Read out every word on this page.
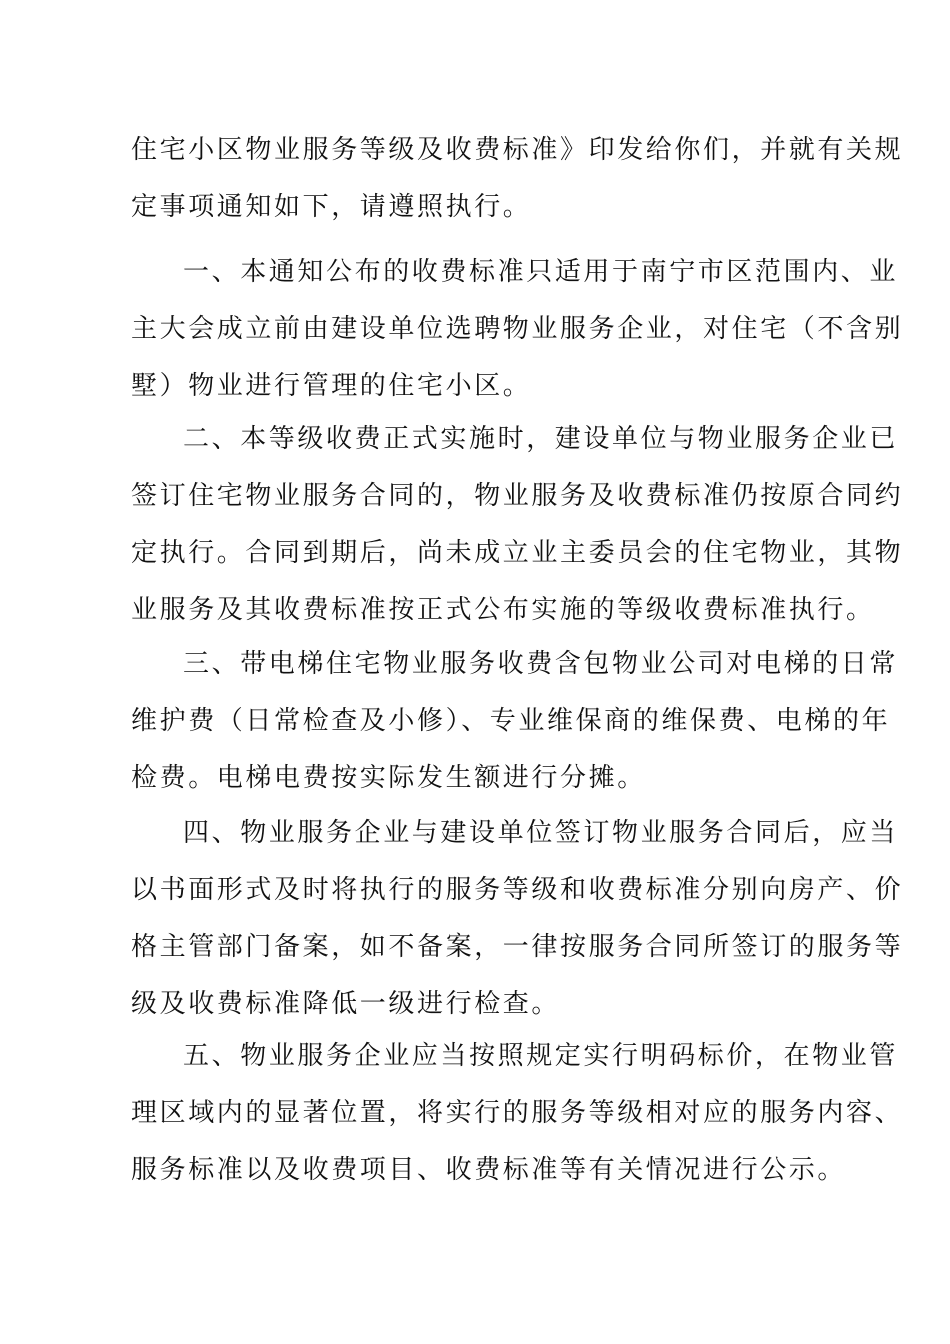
住宅小区物业服务等级及收费标准》印发给你们，并就有关规
定事项通知如下，请遵照执行。
一、本通知公布的收费标准只适用于南宁市区范围内、业
主大会成立前由建设单位选聘物业服务企业，对住宅（不含别
墅）物业进行管理的住宅小区。
二、本等级收费正式实施时，建设单位与物业服务企业已
签订住宅物业服务合同的，物业服务及收费标准仍按原合同约
定执行。合同到期后，尚未成立业主委员会的住宅物业，其物
业服务及其收费标准按正式公布实施的等级收费标准执行。
三、带电梯住宅物业服务收费含包物业公司对电梯的日常
维护费（日常检查及小修）、专业维保商的维保费、电梯的年
检费。电梯电费按实际发生额进行分摊。
四、物业服务企业与建设单位签订物业服务合同后，应当
以书面形式及时将执行的服务等级和收费标准分别向房产、价
格主管部门备案，如不备案，一律按服务合同所签订的服务等
级及收费标准降低一级进行检查。
五、物业服务企业应当按照规定实行明码标价，在物业管
理区域内的显著位置，将实行的服务等级相对应的服务内容、
服务标准以及收费项目、收费标准等有关情况进行公示。
